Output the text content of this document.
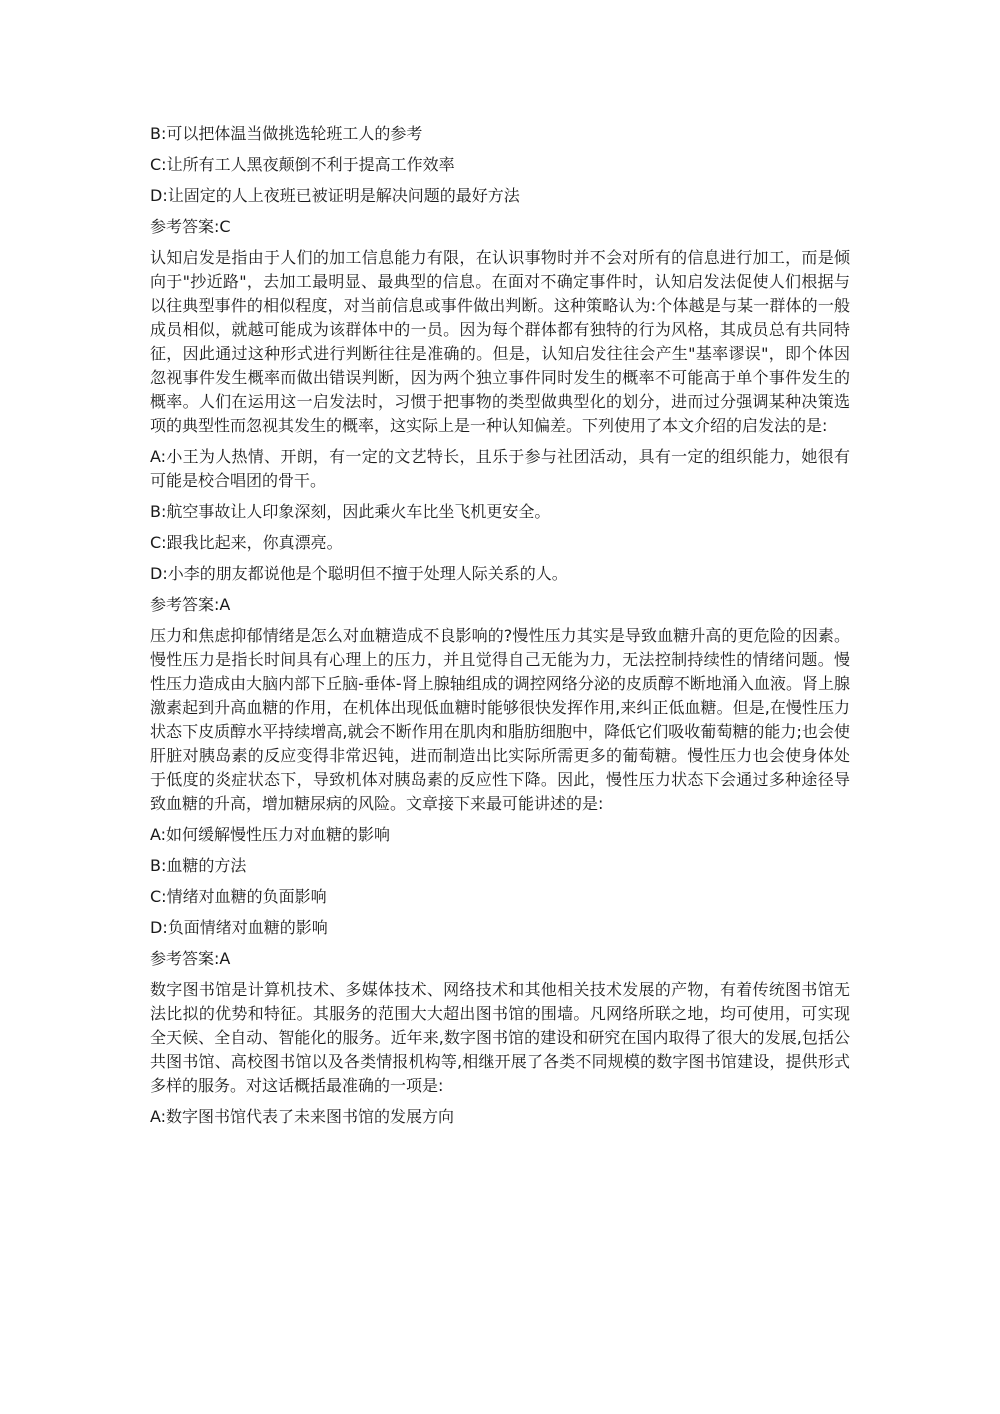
B:可以把体温当做挑选轮班工人的参考
C:让所有工人黑夜颠倒不利于提高工作效率
D:让固定的人上夜班已被证明是解决问题的最好方法
参考答案:C
认知启发是指由于人们的加工信息能力有限，在认识事物时并不会对所有的信息进行加工，而是倾向于"抄近路"，去加工最明显、最典型的信息。在面对不确定事件时，认知启发法促使人们根据与以往典型事件的相似程度，对当前信息或事件做出判断。这种策略认为:个体越是与某一群体的一般成员相似，就越可能成为该群体中的一员。因为每个群体都有独特的行为风格，其成员总有共同特征，因此通过这种形式进行判断往往是准确的。但是，认知启发往往会产生"基率谬误"，即个体因忽视事件发生概率而做出错误判断，因为两个独立事件同时发生的概率不可能高于单个事件发生的概率。人们在运用这一启发法时，习惯于把事物的类型做典型化的划分，进而过分强调某种决策选项的典型性而忽视其发生的概率，这实际上是一种认知偏差。下列使用了本文介绍的启发法的是:
A:小王为人热情、开朗，有一定的文艺特长，且乐于参与社团活动，具有一定的组织能力，她很有可能是校合唱团的骨干。
B:航空事故让人印象深刻，因此乘火车比坐飞机更安全。
C:跟我比起来，你真漂亮。
D:小李的朋友都说他是个聪明但不擅于处理人际关系的人。
参考答案:A
压力和焦虑抑郁情绪是怎么对血糖造成不良影响的?慢性压力其实是导致血糖升高的更危险的因素。慢性压力是指长时间具有心理上的压力，并且觉得自己无能为力，无法控制持续性的情绪问题。慢性压力造成由大脑内部下丘脑-垂体-肾上腺轴组成的调控网络分泌的皮质醇不断地涌入血液。肾上腺激素起到升高血糖的作用，在机体出现低血糖时能够很快发挥作用,来纠正低血糖。但是,在慢性压力状态下皮质醇水平持续增高,就会不断作用在肌肉和脂肪细胞中，降低它们吸收葡萄糖的能力;也会使肝脏对胰岛素的反应变得非常迟钝，进而制造出比实际所需更多的葡萄糖。慢性压力也会使身体处于低度的炎症状态下，导致机体对胰岛素的反应性下降。因此，慢性压力状态下会通过多种途径导致血糖的升高，增加糖尿病的风险。文章接下来最可能讲述的是:
A:如何缓解慢性压力对血糖的影响
B:血糖的方法
C:情绪对血糖的负面影响
D:负面情绪对血糖的影响
参考答案:A
数字图书馆是计算机技术、多媒体技术、网络技术和其他相关技术发展的产物，有着传统图书馆无法比拟的优势和特征。其服务的范围大大超出图书馆的围墙。凡网络所联之地，均可使用，可实现全天候、全自动、智能化的服务。近年来,数字图书馆的建设和研究在国内取得了很大的发展,包括公共图书馆、高校图书馆以及各类情报机构等,相继开展了各类不同规模的数字图书馆建设，提供形式多样的服务。对这话概括最准确的一项是:
A:数字图书馆代表了未来图书馆的发展方向
